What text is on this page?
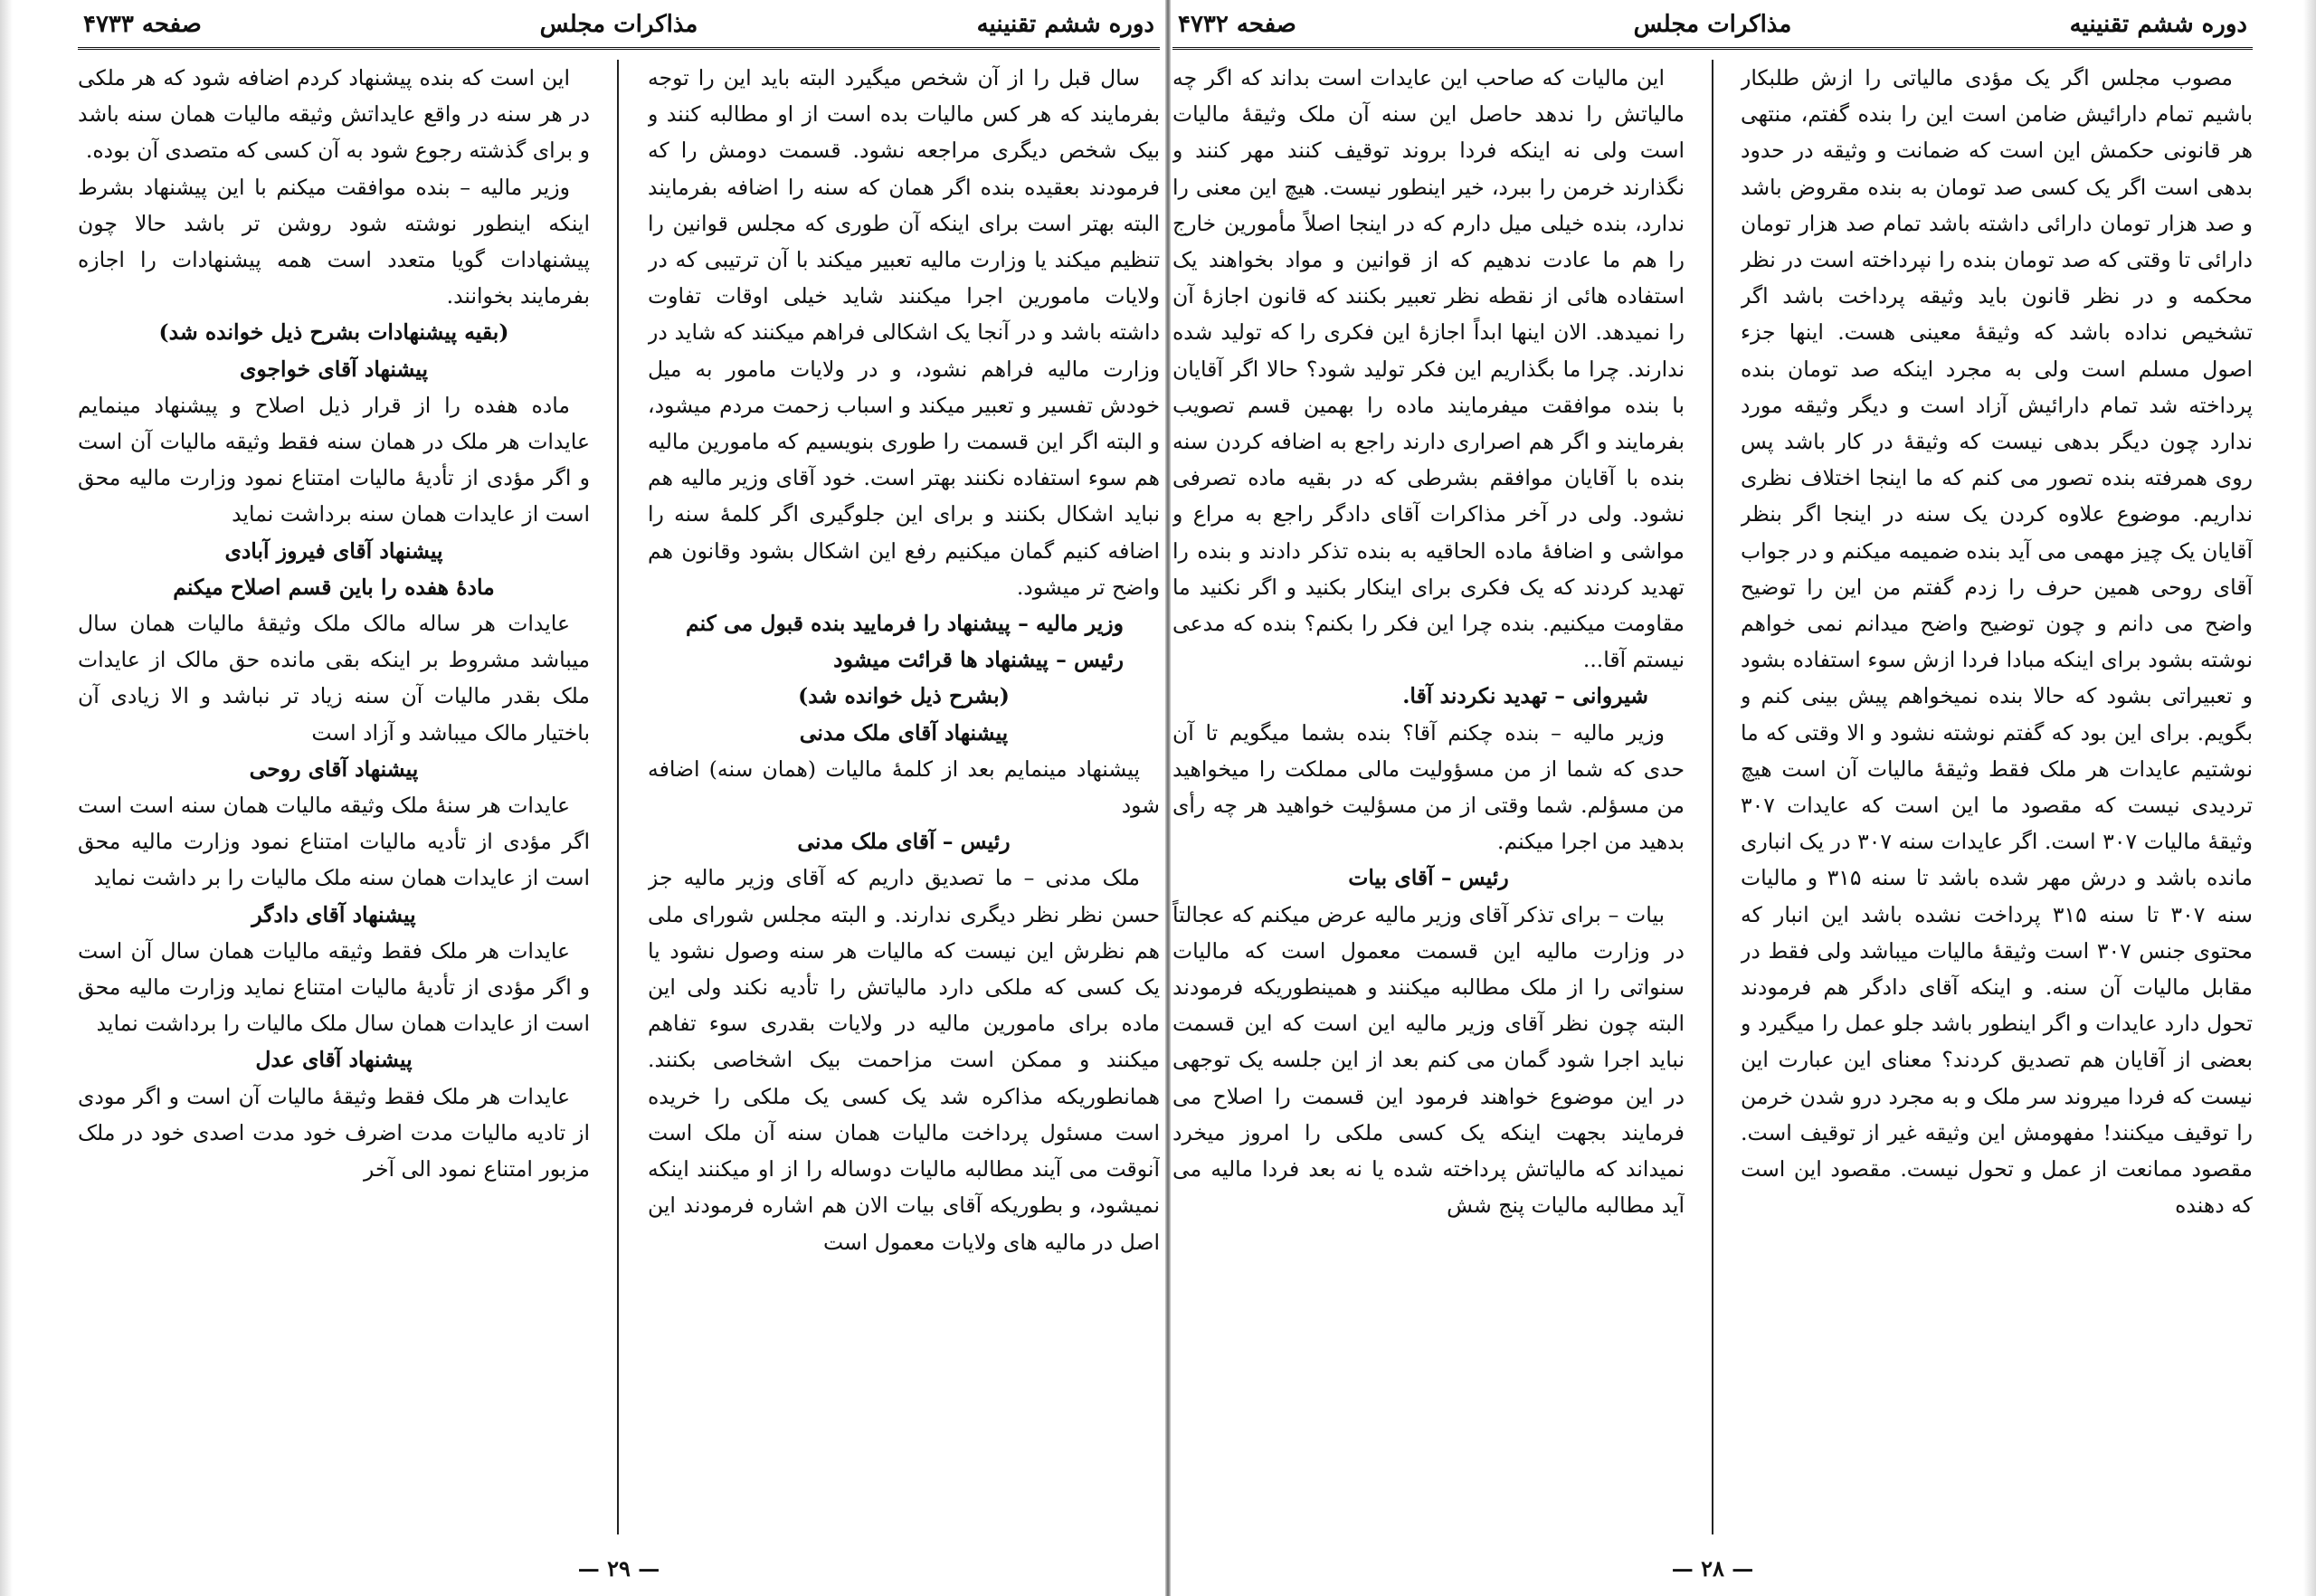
دوره ششم تقنینیه
مذاکرات مجلس
صفحه ۴۷۳۳

سال قبل را از آن شخص میگیرد البته باید این را توجه بفرمایند که هر کس مالیات بده است از او مطالبه کنند و بیک شخص دیگری مراجعه نشود. قسمت دومش را که فرمودند بعقیده بنده اگر همان که سنه را اضافه بفرمایند البته بهتر است برای اینکه آن طوری که مجلس قوانین را تنظیم میکند یا وزارت مالیه تعبیر میکند با آن ترتیبی که در ولایات مامورین اجرا میکنند شاید خیلی اوقات تفاوت داشته باشد و در آنجا یک اشکالی فراهم میکنند که شاید در وزارت مالیه فراهم نشود، و در ولایات مامور به میل خودش تفسیر و تعبیر میکند و اسباب زحمت مردم میشود، و البته اگر این قسمت را طوری بنویسیم که مامورین مالیه هم سوء استفاده نکنند بهتر است. خود آقای وزیر مالیه هم نباید اشکال بکنند و برای این جلوگیری اگر کلمهٔ سنه را اضافه کنیم گمان میکنیم رفع این اشکال بشود وقانون هم واضح تر میشود.

وزیر مالیه – پیشنهاد را فرمایید بنده قبول می کنم

رئیس – پیشنهاد ها قرائت میشود

(بشرح ذیل خوانده شد)

پیشنهاد آقای ملک مدنی

پیشنهاد مینمایم بعد از کلمهٔ مالیات (همان سنه) اضافه شود

رئیس – آقای ملک مدنی

ملک مدنی – ما تصدیق داریم که آقای وزیر مالیه جز حسن نظر نظر دیگری ندارند. و البته مجلس شورای ملی هم نظرش این نیست که مالیات هر سنه وصول نشود یا یک کسی که ملکی دارد مالیاتش را تأدیه نکند ولی این ماده برای مامورین مالیه در ولایات بقدری سوء تفاهم میکنند و ممکن است مزاحمت بیک اشخاصی بکنند. همانطوریکه مذاکره شد یک کسی یک ملکی را خریده است مسئول پرداخت مالیات همان سنه آن ملک است آنوقت می آیند مطالبه مالیات دوساله را از او میکنند اینکه نمیشود، و بطوریکه آقای بیات الان هم اشاره فرمودند این اصل در مالیه های ولایات معمول است

این است که بنده پیشنهاد کردم اضافه شود که هر ملکی در هر سنه در واقع عایداتش وثیقه مالیات همان سنه باشد و برای گذشته رجوع شود به آن کسی که متصدی آن بوده.

وزیر مالیه – بنده موافقت میکنم با این پیشنهاد بشرط اینکه اینطور نوشته شود روشن تر باشد حالا چون پیشنهادات گویا متعدد است همه پیشنهادات را اجازه بفرمایند بخوانند.

(بقیه پیشنهادات بشرح ذیل خوانده شد)

پیشنهاد آقای خواجوی

ماده هفده را از قرار ذیل اصلاح و پیشنهاد مینمایم عایدات هر ملک در همان سنه فقط وثیقه مالیات آن است و اگر مؤدی از تأدیهٔ مالیات امتناع نمود وزارت مالیه محق است از عایدات همان سنه برداشت نماید

پیشنهاد آقای فیروز آبادی

مادهٔ هفده را باین قسم اصلاح میکنم

عایدات هر ساله مالک ملک وثیقهٔ مالیات همان سال میباشد مشروط بر اینکه بقی مانده حق مالک از عایدات ملک بقدر مالیات آن سنه زیاد تر نباشد و الا زیادی آن باختیار مالک میباشد و آزاد است

پیشنهاد آقای روحی

عایدات هر سنهٔ ملک وثیقه مالیات همان سنه است است اگر مؤدی از تأدیه مالیات امتناع نمود وزارت مالیه محق است از عایدات همان سنه ملک مالیات را بر داشت نماید

پیشنهاد آقای دادگر

عایدات هر ملک فقط وثیقه مالیات همان سال آن است و اگر مؤدی از تأدیهٔ مالیات امتناع نماید وزارت مالیه محق است از عایدات همان سال ملک مالیات را برداشت نماید

پیشنهاد آقای عدل

عایدات هر ملک فقط وثیقهٔ مالیات آن است و اگر مودی از تادیه مالیات مدت اضرف خود مدت اصدی خود در ملک مزبور امتناع نمود الی آخر

— ۲۹ —
دوره ششم تقنینیه
مذاکرات مجلس
صفحه ۴۷۳۲

مصوب مجلس اگر یک مؤدی مالیاتی را ازش طلبکار باشیم تمام دارائیش ضامن است این را بنده گفتم، منتهی هر قانونی حکمش این است که ضمانت و وثیقه در حدود بدهی است اگر یک کسی صد تومان به بنده مقروض باشد و صد هزار تومان دارائی داشته باشد تمام صد هزار تومان دارائی تا وقتی که صد تومان بنده را نپرداخته است در نظر محکمه و در نظر قانون باید وثیقه پرداخت باشد اگر تشخیص نداده باشد که وثیقهٔ معینی هست. اینها جزء اصول مسلم است ولی به مجرد اینکه صد تومان بنده پرداخته شد تمام دارائیش آزاد است و دیگر وثیقه مورد ندارد چون دیگر بدهی نیست که وثیقهٔ در کار باشد پس روی همرفته بنده تصور می کنم که ما اینجا اختلاف نظری نداریم. موضوع علاوه کردن یک سنه در اینجا اگر بنظر آقایان یک چیز مهمی می آید بنده ضمیمه میکنم و در جواب آقای روحی همین حرف را زدم گفتم من این را توضیح واضح می دانم و چون توضیح واضح میدانم نمی خواهم نوشته بشود برای اینکه مبادا فردا ازش سوء استفاده بشود و تعبیراتی بشود که حالا بنده نمیخواهم پیش بینی کنم و بگویم. برای این بود که گفتم نوشته نشود و الا وقتی که ما نوشتیم عایدات هر ملک فقط وثیقهٔ مالیات آن است هیچ تردیدی نیست که مقصود ما این است که عایدات ۳۰۷ وثیقهٔ مالیات ۳۰۷ است. اگر عایدات سنه ۳۰۷ در یک انباری مانده باشد و درش مهر شده باشد تا سنه ۳۱۵ و مالیات سنه ۳۰۷ تا سنه ۳۱۵ پرداخت نشده باشد این انبار که محتوی جنس ۳۰۷ است وثیقهٔ مالیات میباشد ولی فقط در مقابل مالیات آن سنه. و اینکه آقای دادگر هم فرمودند تحول دارد عایدات و اگر اینطور باشد جلو عمل را میگیرد و بعضی از آقایان هم تصدیق کردند؟ معنای این عبارت این نیست که فردا میروند سر ملک و به مجرد درو شدن خرمن را توقیف میکنند! مفهومش این وثیقه غیر از توقیف است. مقصود ممانعت از عمل و تحول نیست. مقصود این است که دهنده

این مالیات که صاحب این عایدات است بداند که اگر چه مالیاتش را ندهد حاصل این سنه آن ملک وثیقهٔ مالیات است ولی نه اینکه فردا بروند توقیف کنند مهر کنند و نگذارند خرمن را ببرد، خیر اینطور نیست. هیچ این معنی را ندارد، بنده خیلی میل دارم که در اینجا اصلاً مأمورین خارج را هم ما عادت ندهیم که از قوانین و مواد بخواهند یک استفاده هائی از نقطه نظر تعبیر بکنند که قانون اجازهٔ آن را نمیدهد. الان اینها ابداً اجازهٔ این فکری را که تولید شده ندارند. چرا ما بگذاریم این فکر تولید شود؟ حالا اگر آقایان با بنده موافقت میفرمایند ماده را بهمین قسم تصویب بفرمایند و اگر هم اصراری دارند راجع به اضافه کردن سنه بنده با آقایان موافقم بشرطی که در بقیه ماده تصرفی نشود. ولی در آخر مذاکرات آقای دادگر راجع به مراع و مواشی و اضافهٔ ماده الحاقیه به بنده تذکر دادند و بنده را تهدید کردند که یک فکری برای اینکار بکنید و اگر نکنید ما مقاومت میکنیم. بنده چرا این فکر را بکنم؟ بنده که مدعی نیستم آقا...

شیروانی – تهدید نکردند آقا.

وزیر مالیه – بنده چکنم آقا؟ بنده بشما میگویم تا آن حدی که شما از من مسؤولیت مالی مملکت را میخواهید من مسؤلم. شما وقتی از من مسؤلیت خواهید هر چه رأی بدهید من اجرا میکنم.

رئیس – آقای بیات

بیات – برای تذکر آقای وزیر مالیه عرض میکنم که عجالتاً در وزارت مالیه این قسمت معمول است که مالیات سنواتی را از ملک مطالبه میکنند و همینطوریکه فرمودند البته چون نظر آقای وزیر مالیه این است که این قسمت نباید اجرا شود گمان می کنم بعد از این جلسه یک توجهی در این موضوع خواهند فرمود این قسمت را اصلاح می فرمایند بجهت اینکه یک کسی ملکی را امروز میخرد نمیداند که مالیاتش پرداخته شده یا نه بعد فردا مالیه می آید مطالبه مالیات پنج شش

— ۲۸ —
